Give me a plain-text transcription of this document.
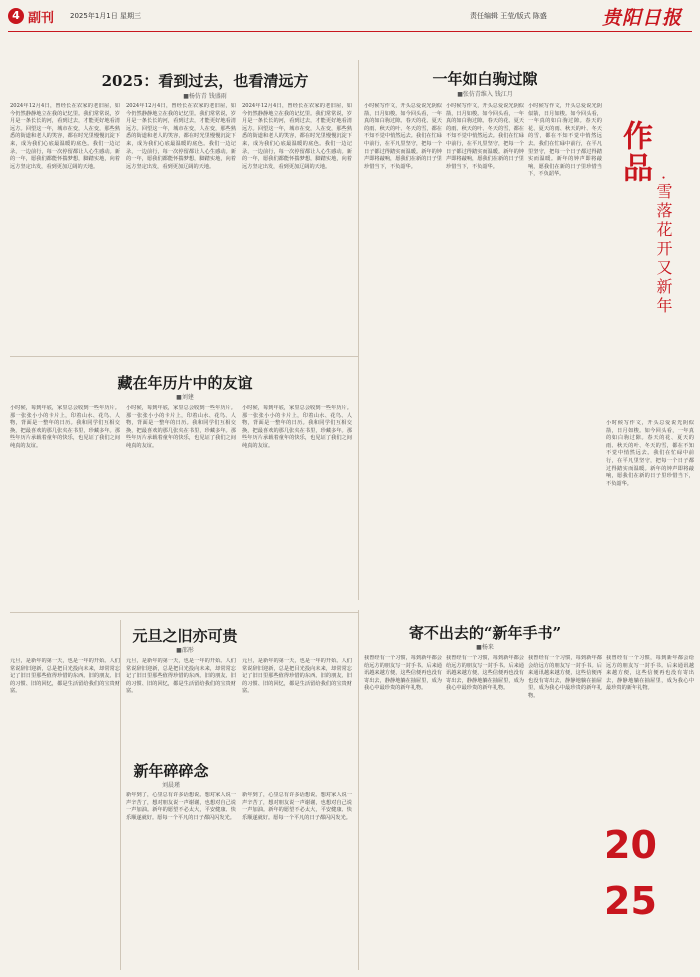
4 副刊 2025年1月1日 星期三	责任编辑 王莹/版式 陈盛	贵阳日报
2025：看到过去，也看清远方
■杨仿青 钱盛雨
2024年12月4日，曾经长在农家的老旧屋，如今仍然静静地立在我的记忆里。我们常常说，岁月是一条长长的河，看到过去，才能更好地看清远方。回望这一年，城市在变，人在变，那些熟悉的街道和老人的笑容，都在时光里慢慢沉淀下来，成为我们心底最温暖的底色。我们一边记录，一边前行，每一次停留都让人心生感动。新的一年，愿我们都能怀揣梦想，脚踏实地，向着远方坚定出发，看到更加辽阔的天地。
2024年12月4日，曾经长在农家的老旧屋，如今仍然静静地立在我的记忆里。我们常常说，岁月是一条长长的河，看到过去，才能更好地看清远方。回望这一年，城市在变，人在变，那些熟悉的街道和老人的笑容，都在时光里慢慢沉淀下来，成为我们心底最温暖的底色。我们一边记录，一边前行，每一次停留都让人心生感动。新的一年，愿我们都能怀揣梦想，脚踏实地，向着远方坚定出发，看到更加辽阔的天地。
2024年12月4日，曾经长在农家的老旧屋，如今仍然静静地立在我的记忆里。我们常常说，岁月是一条长长的河，看到过去，才能更好地看清远方。回望这一年，城市在变，人在变，那些熟悉的街道和老人的笑容，都在时光里慢慢沉淀下来，成为我们心底最温暖的底色。我们一边记录，一边前行，每一次停留都让人心生感动。新的一年，愿我们都能怀揣梦想，脚踏实地，向着远方坚定出发，看到更加辽阔的天地。
一年如白驹过隙
■张仿青维入 钱江月
小时候写作文，开头总爱说光阴似箭，日月如梭。如今回头看，一年真的如白驹过隙。春天的花、夏天的雨、秋天的叶、冬天的雪，都在不知不觉中悄然远去。我们在忙碌中前行，在平凡里坚守，把每一个日子都过得踏实而温暖。新年的钟声即将敲响，愿我们在新的日子里珍惜当下，不负韶华。
小时候写作文，开头总爱说光阴似箭，日月如梭。如今回头看，一年真的如白驹过隙。春天的花、夏天的雨、秋天的叶、冬天的雪，都在不知不觉中悄然远去。我们在忙碌中前行，在平凡里坚守，把每一个日子都过得踏实而温暖。新年的钟声即将敲响，愿我们在新的日子里珍惜当下，不负韶华。
小时候写作文，开头总爱说光阴似箭，日月如梭。如今回头看，一年真的如白驹过隙。春天的花、夏天的雨、秋天的叶、冬天的雪，都在不知不觉中悄然远去。我们在忙碌中前行，在平凡里坚守，把每一个日子都过得踏实而温暖。新年的钟声即将敲响，愿我们在新的日子里珍惜当下，不负韶华。	作品
·雪落花开又新年
小时候写作文，开头总爱说光阴似箭，日月如梭。如今回头看，一年真的如白驹过隙。春天的花、夏天的雨、秋天的叶、冬天的雪，都在不知不觉中悄然远去。我们在忙碌中前行，在平凡里坚守，把每一个日子都过得踏实而温暖。新年的钟声即将敲响，愿我们在新的日子里珍惜当下，不负韶华。
藏在年历片中的友谊
■刘建
小时候，每到年底，家里总会收到一些年历片。那一张张小小的卡片上，印着山水、花鸟、人物，背面是一整年的日历。我和同学们互相交换，把最喜欢的那几张夹在书里，珍藏多年。那些年历片承载着童年的快乐，也见证了我们之间纯真的友谊。
小时候，每到年底，家里总会收到一些年历片。那一张张小小的卡片上，印着山水、花鸟、人物，背面是一整年的日历。我和同学们互相交换，把最喜欢的那几张夹在书里，珍藏多年。那些年历片承载着童年的快乐，也见证了我们之间纯真的友谊。
小时候，每到年底，家里总会收到一些年历片。那一张张小小的卡片上，印着山水、花鸟、人物，背面是一整年的日历。我和同学们互相交换，把最喜欢的那几张夹在书里，珍藏多年。那些年历片承载着童年的快乐，也见证了我们之间纯真的友谊。
元旦之旧亦可贵
■邵彤
元旦，是新年的第一天，也是一年的开始。人们常说辞旧迎新，总是把目光投向未来，却常常忘记了旧日里那些值得珍惜的东西。旧的朋友、旧的习惯、旧的回忆，都是生活留给我们的宝贵财富。
元旦，是新年的第一天，也是一年的开始。人们常说辞旧迎新，总是把目光投向未来，却常常忘记了旧日里那些值得珍惜的东西。旧的朋友、旧的习惯、旧的回忆，都是生活留给我们的宝贵财富。
元旦，是新年的第一天，也是一年的开始。人们常说辞旧迎新，总是把目光投向未来，却常常忘记了旧日里那些值得珍惜的东西。旧的朋友、旧的习惯、旧的回忆，都是生活留给我们的宝贵财富。
新年碎碎念
刘晨瑾
新年到了，心里总有许多话想说。想对家人说一声辛苦了，想对朋友说一声谢谢，也想对自己说一声加油。新年的愿望不必太大，平安健康、快乐顺遂就好。愿每一个平凡的日子都闪闪发光。
新年到了，心里总有许多话想说。想对家人说一声辛苦了，想对朋友说一声谢谢，也想对自己说一声加油。新年的愿望不必太大，平安健康、快乐顺遂就好。愿每一个平凡的日子都闪闪发光。
寄不出去的“新年手书”
■杨来
我曾经有一个习惯，每到新年都会给远方的朋友写一封手书。后来通讯越来越方便，这些信便再也没有寄出去，静静地躺在抽屉里，成为我心中最珍贵的新年礼物。
我曾经有一个习惯，每到新年都会给远方的朋友写一封手书。后来通讯越来越方便，这些信便再也没有寄出去，静静地躺在抽屉里，成为我心中最珍贵的新年礼物。
我曾经有一个习惯，每到新年都会给远方的朋友写一封手书。后来通讯越来越方便，这些信便再也没有寄出去，静静地躺在抽屉里，成为我心中最珍贵的新年礼物。
我曾经有一个习惯，每到新年都会给远方的朋友写一封手书。后来通讯越来越方便，这些信便再也没有寄出去，静静地躺在抽屉里，成为我心中最珍贵的新年礼物。
20
25
